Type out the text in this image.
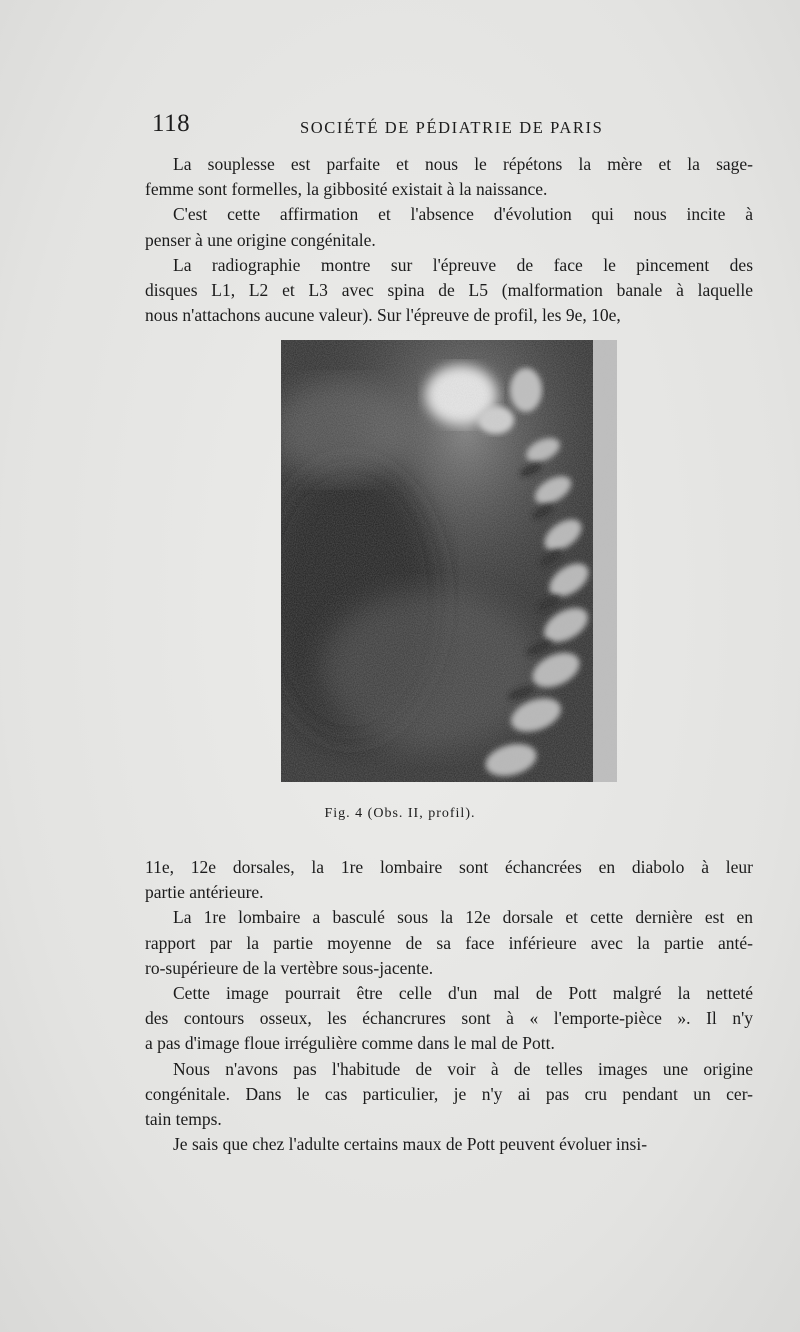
118	SOCIÉTÉ DE PÉDIATRIE DE PARIS
La souplesse est parfaite et nous le répétons la mère et la sage-
femme sont formelles, la gibbosité existait à la naissance.
C'est cette affirmation et l'absence d'évolution qui nous incite à
penser à une origine congénitale.
La radiographie montre sur l'épreuve de face le pincement des
disques L1, L2 et L3 avec spina de L5 (malformation banale à laquelle
nous n'attachons aucune valeur). Sur l'épreuve de profil, les 9e, 10e,
Fig. 4 (Obs. II, profil).
11e, 12e dorsales, la 1re lombaire sont échancrées en diabolo à leur
partie antérieure.
La 1re lombaire a basculé sous la 12e dorsale et cette dernière est en
rapport par la partie moyenne de sa face inférieure avec la partie anté-
ro-supérieure de la vertèbre sous-jacente.
Cette image pourrait être celle d'un mal de Pott malgré la netteté
des contours osseux, les échancrures sont à « l'emporte-pièce ». Il n'y
a pas d'image floue irrégulière comme dans le mal de Pott.
Nous n'avons pas l'habitude de voir à de telles images une origine
congénitale. Dans le cas particulier, je n'y ai pas cru pendant un cer-
tain temps.
Je sais que chez l'adulte certains maux de Pott peuvent évoluer insi-
